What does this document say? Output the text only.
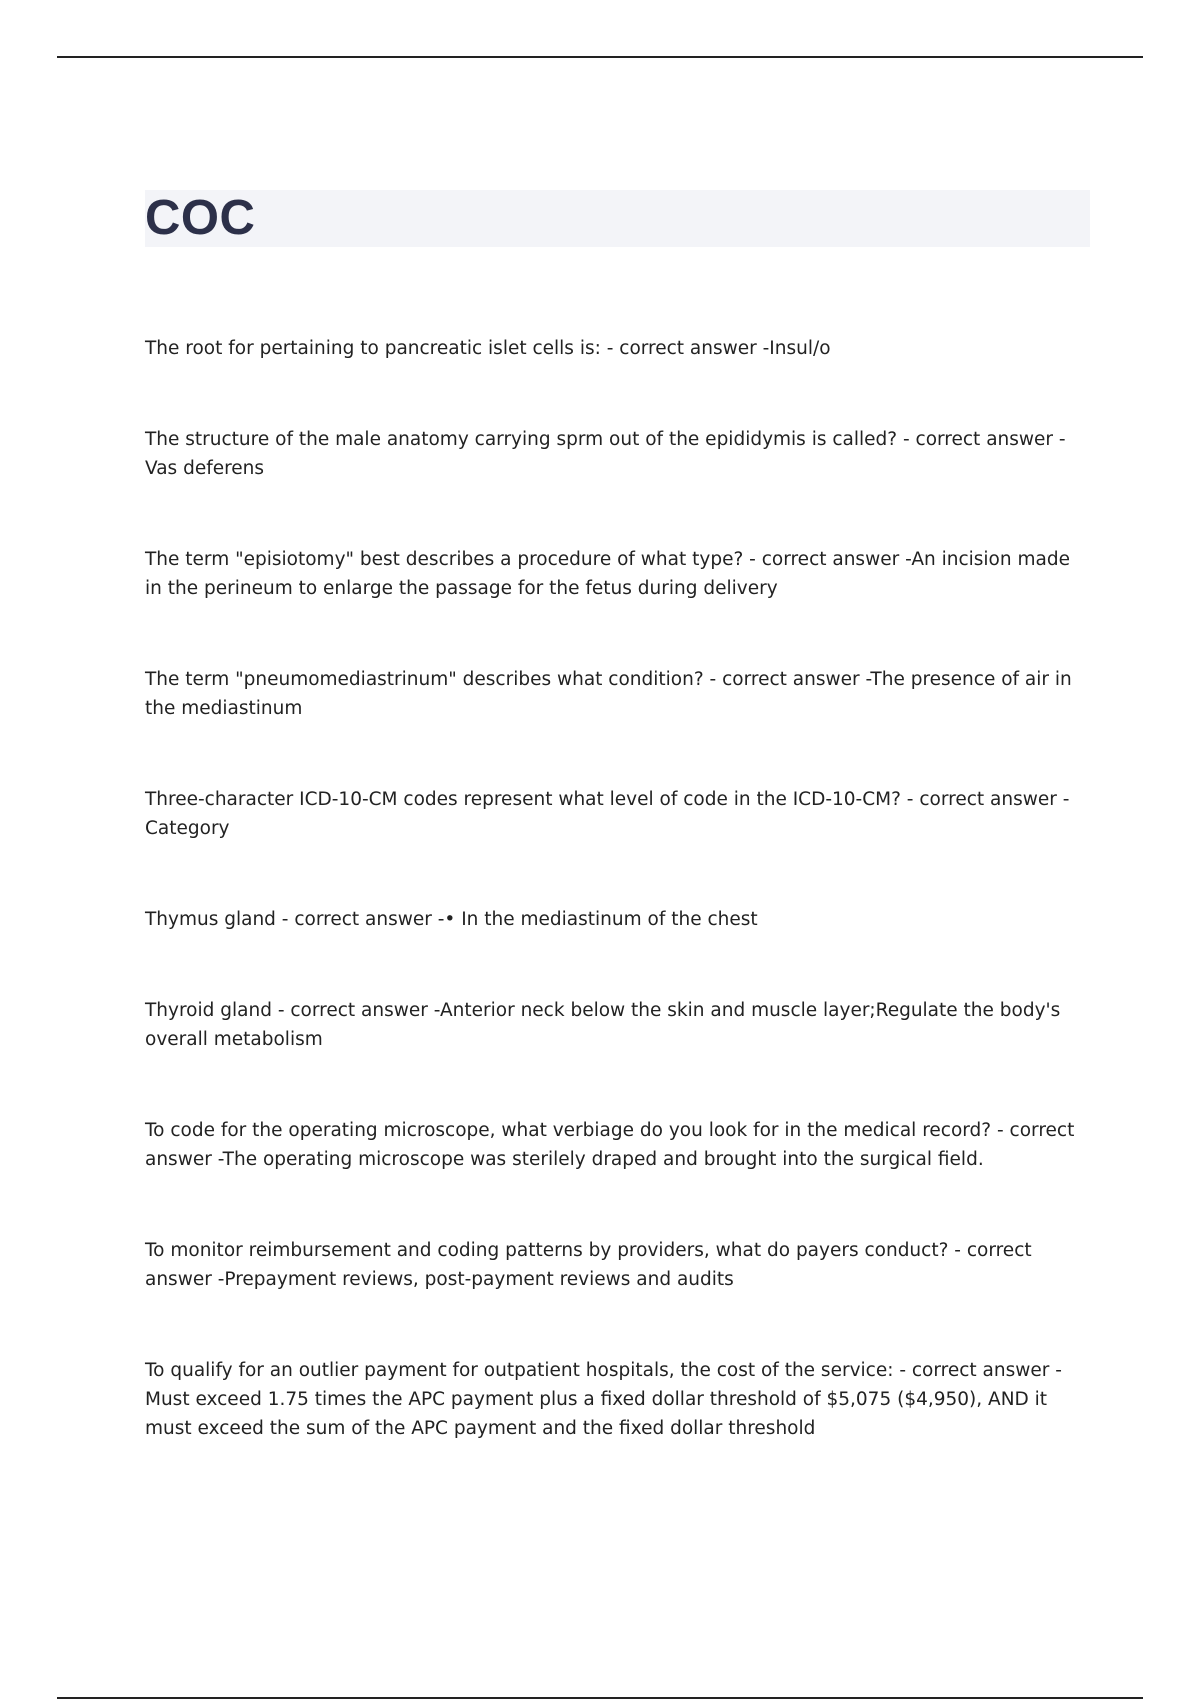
COC

The root for pertaining to pancreatic islet cells is: - correct answer -Insul/o

The structure of the male anatomy carrying sprm out of the epididymis is called? - correct answer -Vas deferens

The term "episiotomy" best describes a procedure of what type? - correct answer -An incision made in the perineum to enlarge the passage for the fetus during delivery

The term "pneumomediastrinum" describes what condition? - correct answer -The presence of air in the mediastinum

Three-character ICD-10-CM codes represent what level of code in the ICD-10-CM? - correct answer -Category

Thymus gland - correct answer -• In the mediastinum of the chest

Thyroid gland - correct answer -Anterior neck below the skin and muscle layer;Regulate the body's overall metabolism

To code for the operating microscope, what verbiage do you look for in the medical record? - correct answer -The operating microscope was sterilely draped and brought into the surgical field.

To monitor reimbursement and coding patterns by providers, what do payers conduct? - correct answer -Prepayment reviews, post-payment reviews and audits

To qualify for an outlier payment for outpatient hospitals, the cost of the service: - correct answer -Must exceed 1.75 times the APC payment plus a fixed dollar threshold of $5,075 ($4,950), AND it must exceed the sum of the APC payment and the fixed dollar threshold
